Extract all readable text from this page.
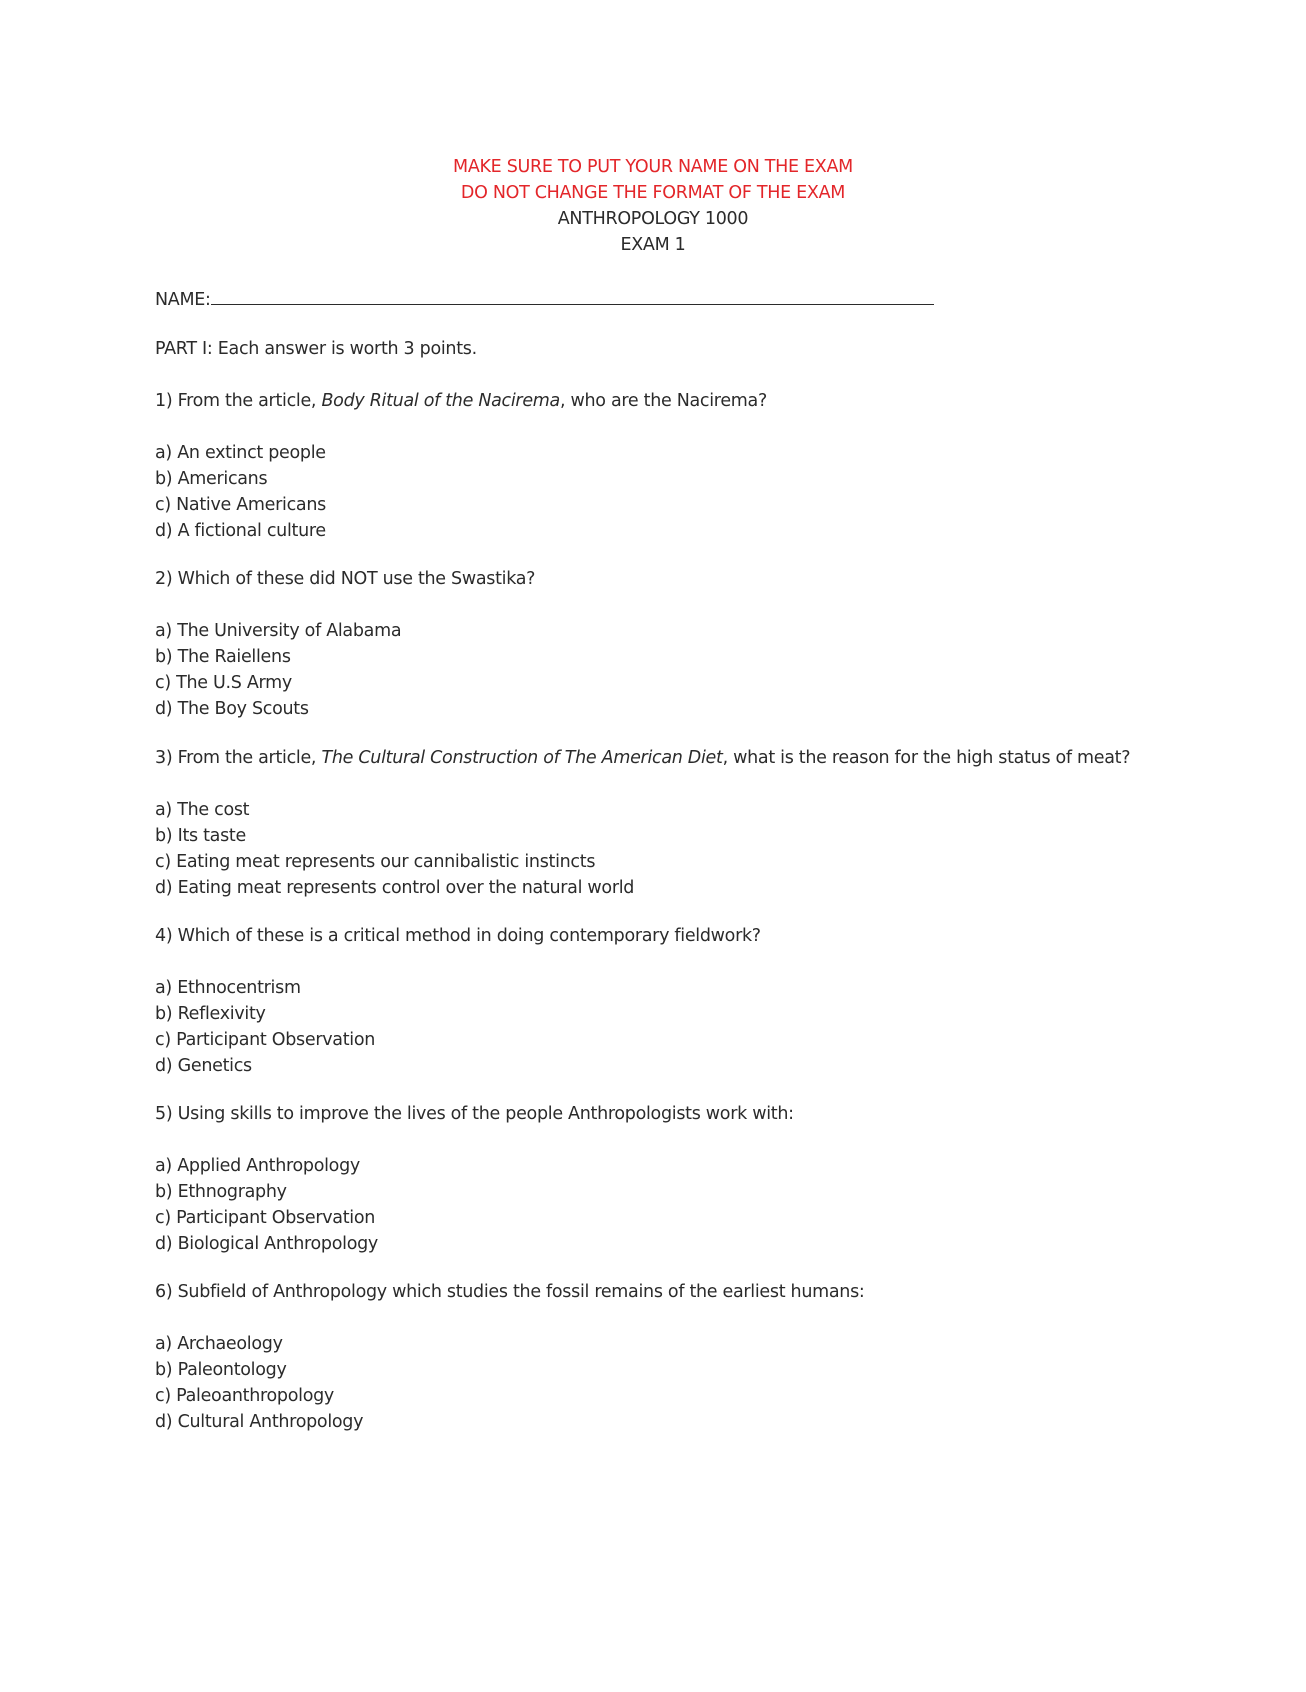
MAKE SURE TO PUT YOUR NAME ON THE EXAM
DO NOT CHANGE THE FORMAT OF THE EXAM
ANTHROPOLOGY 1000
EXAM 1
NAME:
PART I: Each answer is worth 3 points.
1) From the article, Body Ritual of the Nacirema, who are the Nacirema?
a) An extinct people
b) Americans
c) Native Americans
d) A fictional culture
2) Which of these did NOT use the Swastika?
a) The University of Alabama
b) The Raiellens
c) The U.S Army
d) The Boy Scouts
3) From the article, The Cultural Construction of The American Diet, what is the reason for the high status of meat?
a) The cost
b) Its taste
c) Eating meat represents our cannibalistic instincts
d) Eating meat represents control over the natural world
4) Which of these is a critical method in doing contemporary fieldwork?
a) Ethnocentrism
b) Reflexivity
c) Participant Observation
d) Genetics
5) Using skills to improve the lives of the people Anthropologists work with:
a) Applied Anthropology
b) Ethnography
c) Participant Observation
d) Biological Anthropology
6) Subfield of Anthropology which studies the fossil remains of the earliest humans:
a) Archaeology
b) Paleontology
c) Paleoanthropology
d) Cultural Anthropology
